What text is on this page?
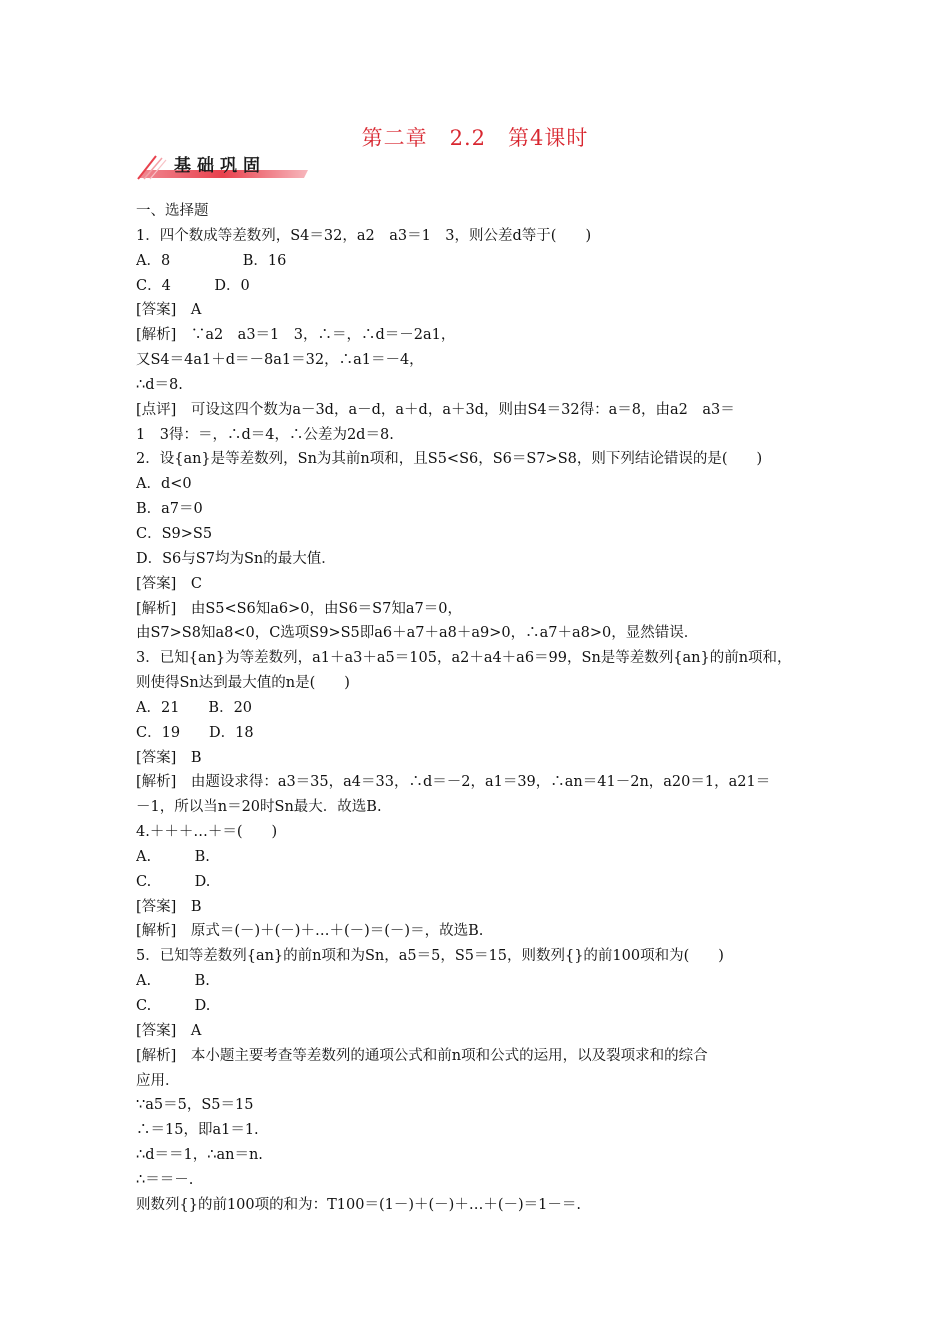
第二章　2.2　第4课时
基础巩固
一、选择题
1．四个数成等差数列，S4＝32，a2　a3＝1　3，则公差d等于(　　)
A．8　　　　　B．16
C．4　　　D．0
[答案]　A
[解析]　∵a2　a3＝1　3，∴＝，∴d＝－2a1，
又S4＝4a1＋d＝－8a1＝32，∴a1＝－4，
∴d＝8.
[点评]　可设这四个数为a－3d，a－d，a＋d，a＋3d，则由S4＝32得：a＝8，由a2　a3＝
1　3得：＝，∴d＝4，∴公差为2d＝8.
2．设{an}是等差数列，Sn为其前n项和，且S5<S6，S6＝S7>S8，则下列结论错误的是(　　)
A．d<0
B．a7＝0
C．S9>S5
D．S6与S7均为Sn的最大值．
[答案]　C
[解析]　由S5<S6知a6>0，由S6＝S7知a7＝0，
由S7>S8知a8<0，C选项S9>S5即a6＋a7＋a8＋a9>0，∴a7＋a8>0，显然错误．
3．已知{an}为等差数列，a1＋a3＋a5＝105，a2＋a4＋a6＝99，Sn是等差数列{an}的前n项和，
则使得Sn达到最大值的n是(　　)
A．21　　B．20
C．19　　D．18
[答案]　B
[解析]　由题设求得：a3＝35，a4＝33，∴d＝－2，a1＝39，∴an＝41－2n，a20＝1，a21＝
－1，所以当n＝20时Sn最大．故选B.
4.＋＋＋…＋＝(　　)
A.　　　B.
C.　　　D.
[答案]　B
[解析]　原式＝(－)＋(－)＋…＋(－)＝(－)＝，故选B.
5．已知等差数列{an}的前n项和为Sn，a5＝5，S5＝15，则数列{}的前100项和为(　　)
A.　　　B.
C.　　　D.
[答案]　A
[解析]　本小题主要考查等差数列的通项公式和前n项和公式的运用，以及裂项求和的综合
应用．
∵a5＝5，S5＝15
∴＝15，即a1＝1.
∴d＝＝1，∴an＝n.
∴＝＝－.
则数列{}的前100项的和为：T100＝(1－)＋(－)＋…＋(－)＝1－＝.
